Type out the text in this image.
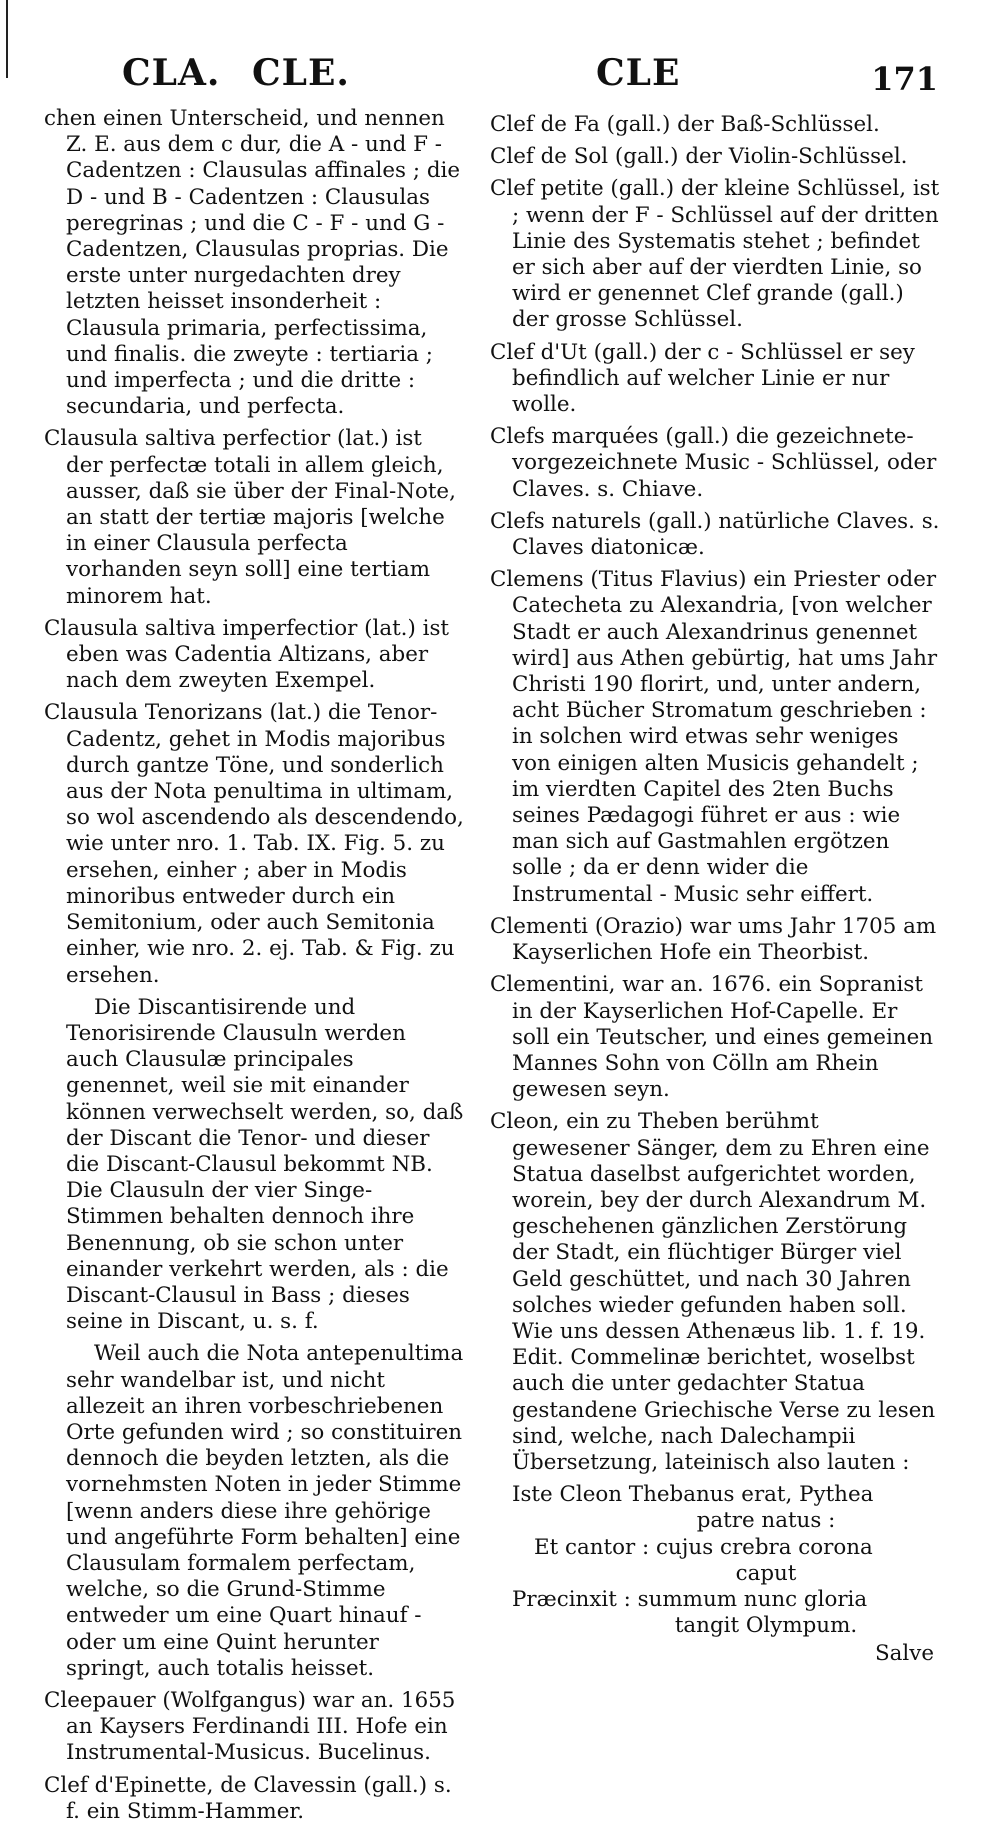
CLA. CLE.	CLE	171

chen einen Unterscheid, und nennen Z. E. aus dem c dur, die A - und F - Cadentzen : Clausulas affinales ; die D - und B - Cadentzen : Clausulas peregrinas ; und die C - F - und G - Cadentzen, Clausulas proprias. Die erste unter nurgedachten drey letzten heisset insonderheit : Clausula primaria, perfectissima, und finalis. die zweyte : tertiaria ; und imperfecta ; und die dritte : secundaria, und perfecta.

Clausula saltiva perfectior (lat.) ist der perfectæ totali in allem gleich, ausser, daß sie über der Final-Note, an statt der tertiæ majoris [welche in einer Clausula perfecta vorhanden seyn soll] eine tertiam minorem hat.

Clausula saltiva imperfectior (lat.) ist eben was Cadentia Altizans, aber nach dem zweyten Exempel.

Clausula Tenorizans (lat.) die Tenor-Cadentz, gehet in Modis majoribus durch gantze Töne, und sonderlich aus der Nota penultima in ultimam, so wol ascendendo als descendendo, wie unter nro. 1. Tab. IX. Fig. 5. zu ersehen, einher ; aber in Modis minoribus entweder durch ein Semitonium, oder auch Semitonia einher, wie nro. 2. ej. Tab. & Fig. zu ersehen.

Die Discantisirende und Tenorisirende Clausuln werden auch Clausulæ principales genennet, weil sie mit einander können verwechselt werden, so, daß der Discant die Tenor- und dieser die Discant-Clausul bekommt NB. Die Clausuln der vier Singe-Stimmen behalten dennoch ihre Benennung, ob sie schon unter einander verkehrt werden, als : die Discant-Clausul in Bass ; dieses seine in Discant, u. s. f.

Weil auch die Nota antepenultima sehr wandelbar ist, und nicht allezeit an ihren vorbeschriebenen Orte gefunden wird ; so constituiren dennoch die beyden letzten, als die vornehmsten Noten in jeder Stimme [wenn anders diese ihre gehörige und angeführte Form behalten] eine Clausulam formalem perfectam, welche, so die Grund-Stimme entweder um eine Quart hinauf - oder um eine Quint herunter springt, auch totalis heisset.

Cleepauer (Wolfgangus) war an. 1655 an Kaysers Ferdinandi III. Hofe ein Instrumental-Musicus. Bucelinus.

Clef d'Epinette, de Clavessin (gall.) s. f. ein Stimm-Hammer.

Clef de Fa (gall.) der Baß-Schlüssel.

Clef de Sol (gall.) der Violin-Schlüssel.

Clef petite (gall.) der kleine Schlüssel, ist ; wenn der F - Schlüssel auf der dritten Linie des Systematis stehet ; befindet er sich aber auf der vierdten Linie, so wird er genennet Clef grande (gall.) der grosse Schlüssel.

Clef d'Ut (gall.) der c - Schlüssel er sey befindlich auf welcher Linie er nur wolle.

Clefs marquées (gall.) die gezeichnete-vorgezeichnete Music - Schlüssel, oder Claves. s. Chiave.

Clefs naturels (gall.) natürliche Claves. s. Claves diatonicæ.

Clemens (Titus Flavius) ein Priester oder Catecheta zu Alexandria, [von welcher Stadt er auch Alexandrinus genennet wird] aus Athen gebürtig, hat ums Jahr Christi 190 florirt, und, unter andern, acht Bücher Stromatum geschrieben : in solchen wird etwas sehr weniges von einigen alten Musicis gehandelt ; im vierdten Capitel des 2ten Buchs seines Pædagogi führet er aus : wie man sich auf Gastmahlen ergötzen solle ; da er denn wider die Instrumental - Music sehr eiffert.

Clementi (Orazio) war ums Jahr 1705 am Kayserlichen Hofe ein Theorbist.

Clementini, war an. 1676. ein Sopranist in der Kayserlichen Hof-Capelle. Er soll ein Teutscher, und eines gemeinen Mannes Sohn von Cölln am Rhein gewesen seyn.

Cleon, ein zu Theben berühmt gewesener Sänger, dem zu Ehren eine Statua daselbst aufgerichtet worden, worein, bey der durch Alexandrum M. geschehenen gänzlichen Zerstörung der Stadt, ein flüchtiger Bürger viel Geld geschüttet, und nach 30 Jahren solches wieder gefunden haben soll. Wie uns dessen Athenæus lib. 1. f. 19. Edit. Commelinæ berichtet, woselbst auch die unter gedachter Statua gestandene Griechische Verse zu lesen sind, welche, nach Dalechampii Übersetzung, lateinisch also lauten :

Iste Cleon Thebanus erat, Pythea
patre natus :
Et cantor : cujus crebra corona
caput
Præcinxit : summum nunc gloria
tangit Olympum.
Salve
